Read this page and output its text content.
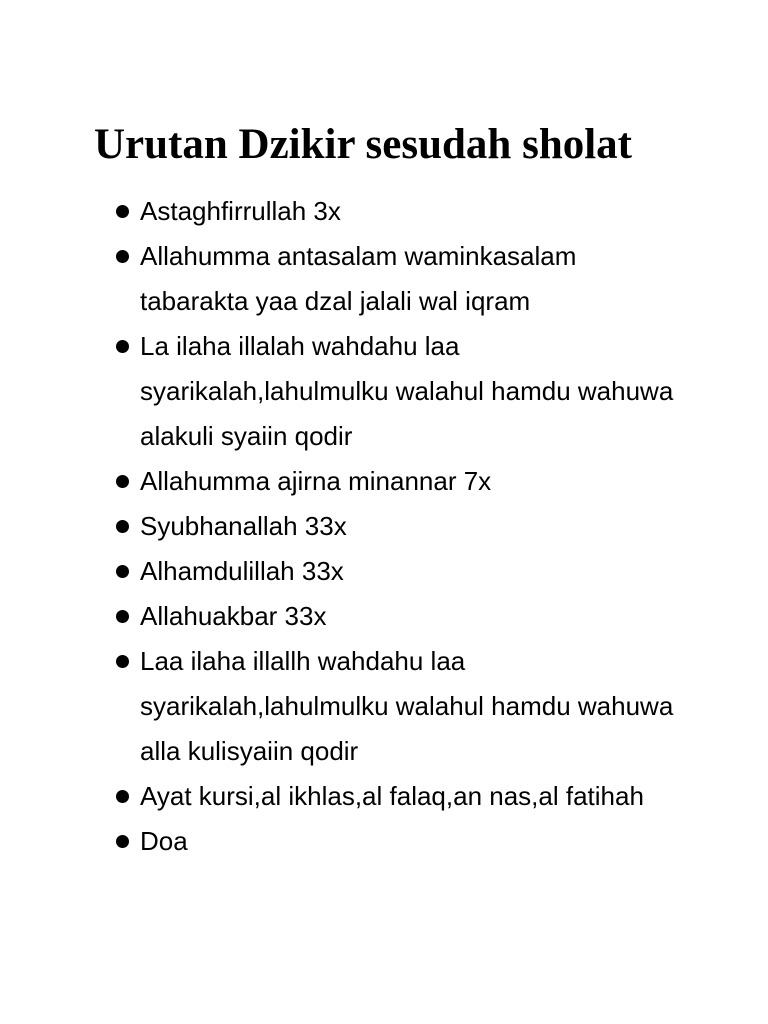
Urutan Dzikir sesudah sholat
Astaghfirrullah 3x
Allahumma antasalam waminkasalam tabarakta yaa dzal jalali wal iqram
La ilaha illalah wahdahu laa syarikalah,lahulmulku walahul hamdu wahuwa alakuli syaiin qodir
Allahumma ajirna minannar 7x
Syubhanallah 33x
Alhamdulillah 33x
Allahuakbar 33x
Laa ilaha illallh wahdahu laa syarikalah,lahulmulku walahul hamdu wahuwa alla kulisyaiin qodir
Ayat kursi,al ikhlas,al falaq,an nas,al fatihah
Doa
